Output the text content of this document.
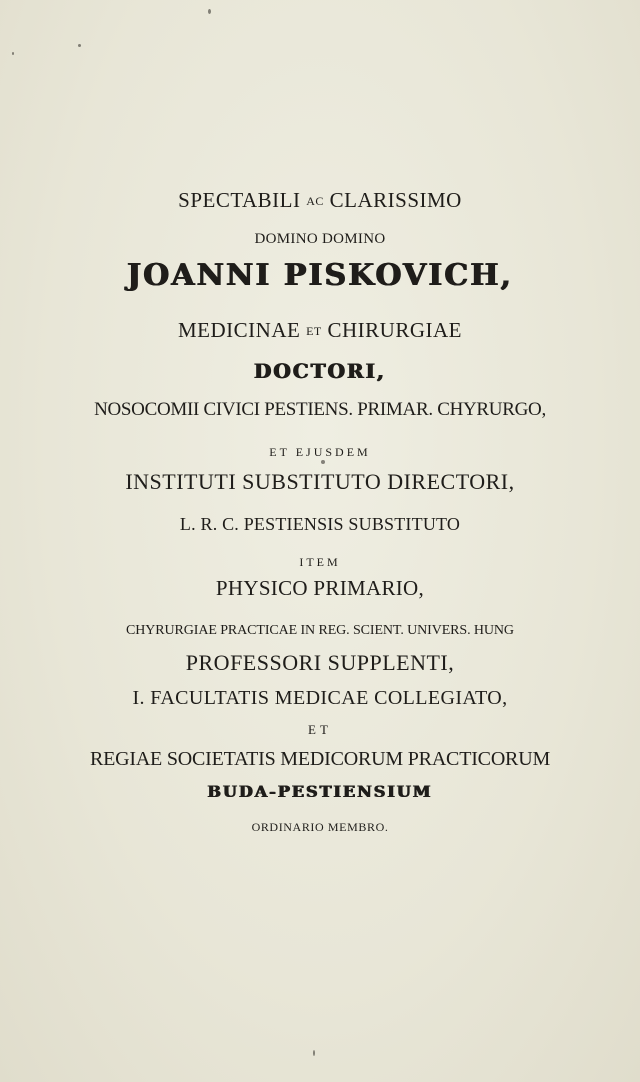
SPECTABILI AC CLARISSIMO
DOMINO DOMINO
JOANNI PISKOVICH,
MEDICINAE ET CHIRURGIAE
DOCTORI,
NOSOCOMII CIVICI PESTIENS. PRIMAR. CHYRURGO,
ET EJUSDEM
INSTITUTI SUBSTITUTO DIRECTORI,
L. R. C. PESTIENSIS SUBSTITUTO
ITEM
PHYSICO PRIMARIO,
CHYRURGIAE PRACTICAE IN REG. SCIENT. UNIVERS. HUNG
PROFESSORI SUPPLENTI,
I. FACULTATIS MEDICAE COLLEGIATO,
ET
REGIAE SOCIETATIS MEDICORUM PRACTICORUM
BUDA-PESTIENSIUM
ORDINARIO MEMBRO.
